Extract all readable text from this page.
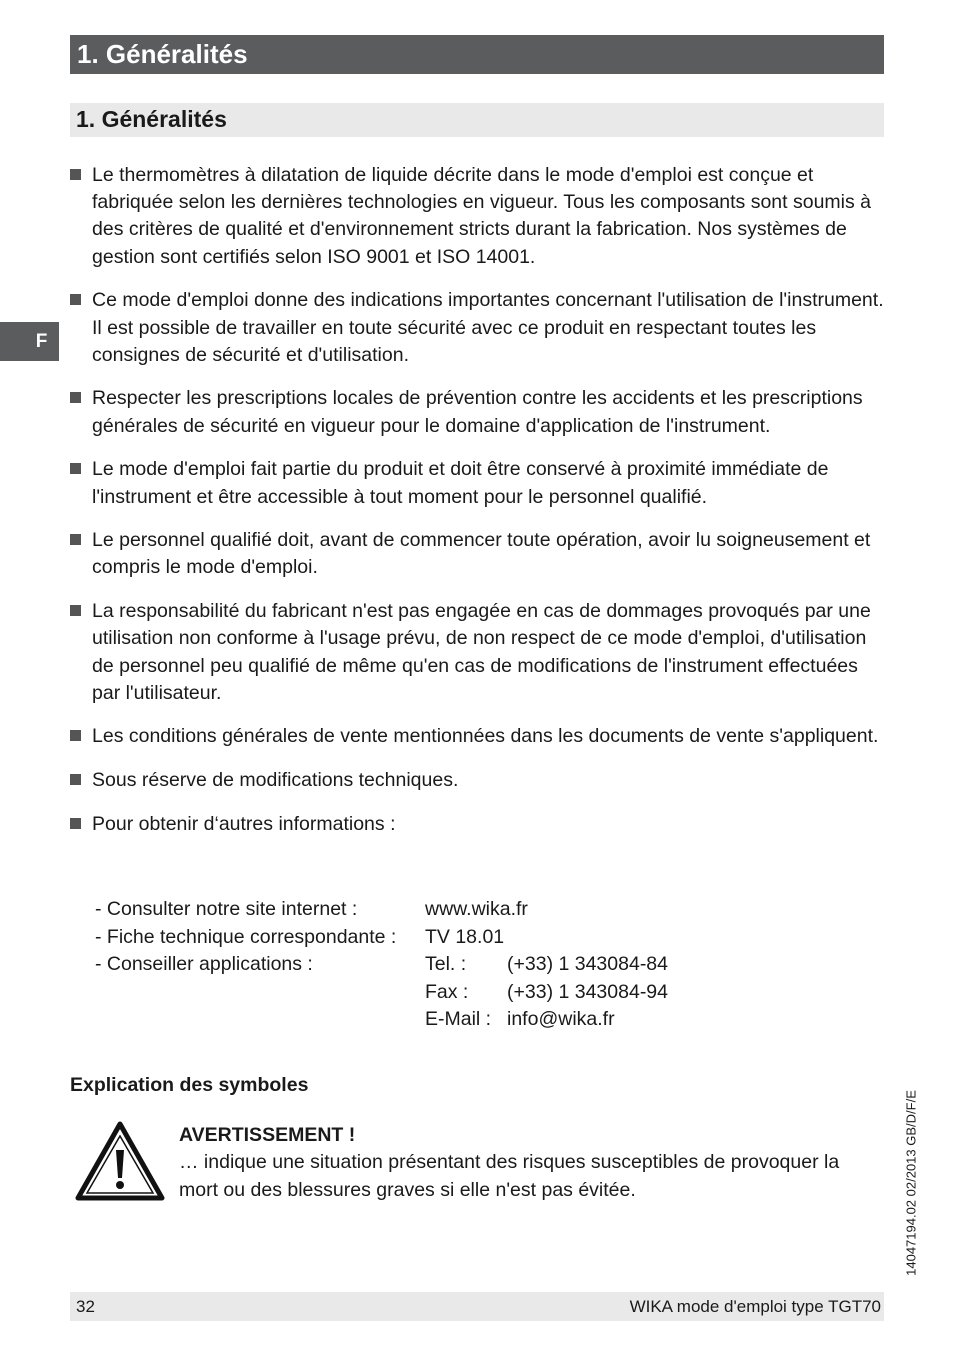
1. Généralités
1. Généralités
F
Le thermomètres à dilatation de liquide décrite dans le mode d'emploi est conçue et fabriquée selon les dernières technologies en vigueur. Tous les composants sont soumis à des critères de qualité et d'environnement stricts durant la fabrication. Nos systèmes de gestion sont certifiés selon ISO 9001 et ISO 14001.
Ce mode d'emploi donne des indications importantes concernant l'utilisation de l'instrument. Il est possible de travailler en toute sécurité avec ce produit en respectant toutes les consignes de sécurité et d'utilisation.
Respecter les prescriptions locales de prévention contre les accidents et les prescriptions générales de sécurité en vigueur pour le domaine d'application de l'instrument.
Le mode d'emploi fait partie du produit et doit être conservé à proximité immédiate de l'instrument et être accessible à tout moment pour le personnel qualifié.
Le personnel qualifié doit, avant de commencer toute opération, avoir lu soigneusement et compris le mode d'emploi.
La responsabilité du fabricant n'est pas engagée en cas de dommages provoqués par une utilisation non conforme à l'usage prévu, de non respect de ce mode d'emploi, d'utilisation de personnel peu qualifié de même qu'en cas de modifications de l'instrument effectuées par l'utilisateur.
Les conditions générales de vente mentionnées dans les documents de vente s'appliquent.
Sous réserve de modifications techniques.
Pour obtenir d‘autres informations :
- Consulter notre site internet :	www.wika.fr	
- Fiche technique correspondante :	TV 18.01	
- Conseiller applications :	Tel. :	(+33) 1 343084-84
	Fax :	(+33) 1 343084-94
	E-Mail :	info@wika.fr
Explication des symboles
AVERTISSEMENT !
… indique une situation présentant des risques susceptibles de provoquer la mort ou des blessures graves si elle n'est pas évitée.	14047194.02 02/2013 GB/D/F/E
32	WIKA mode d'emploi type TGT70
